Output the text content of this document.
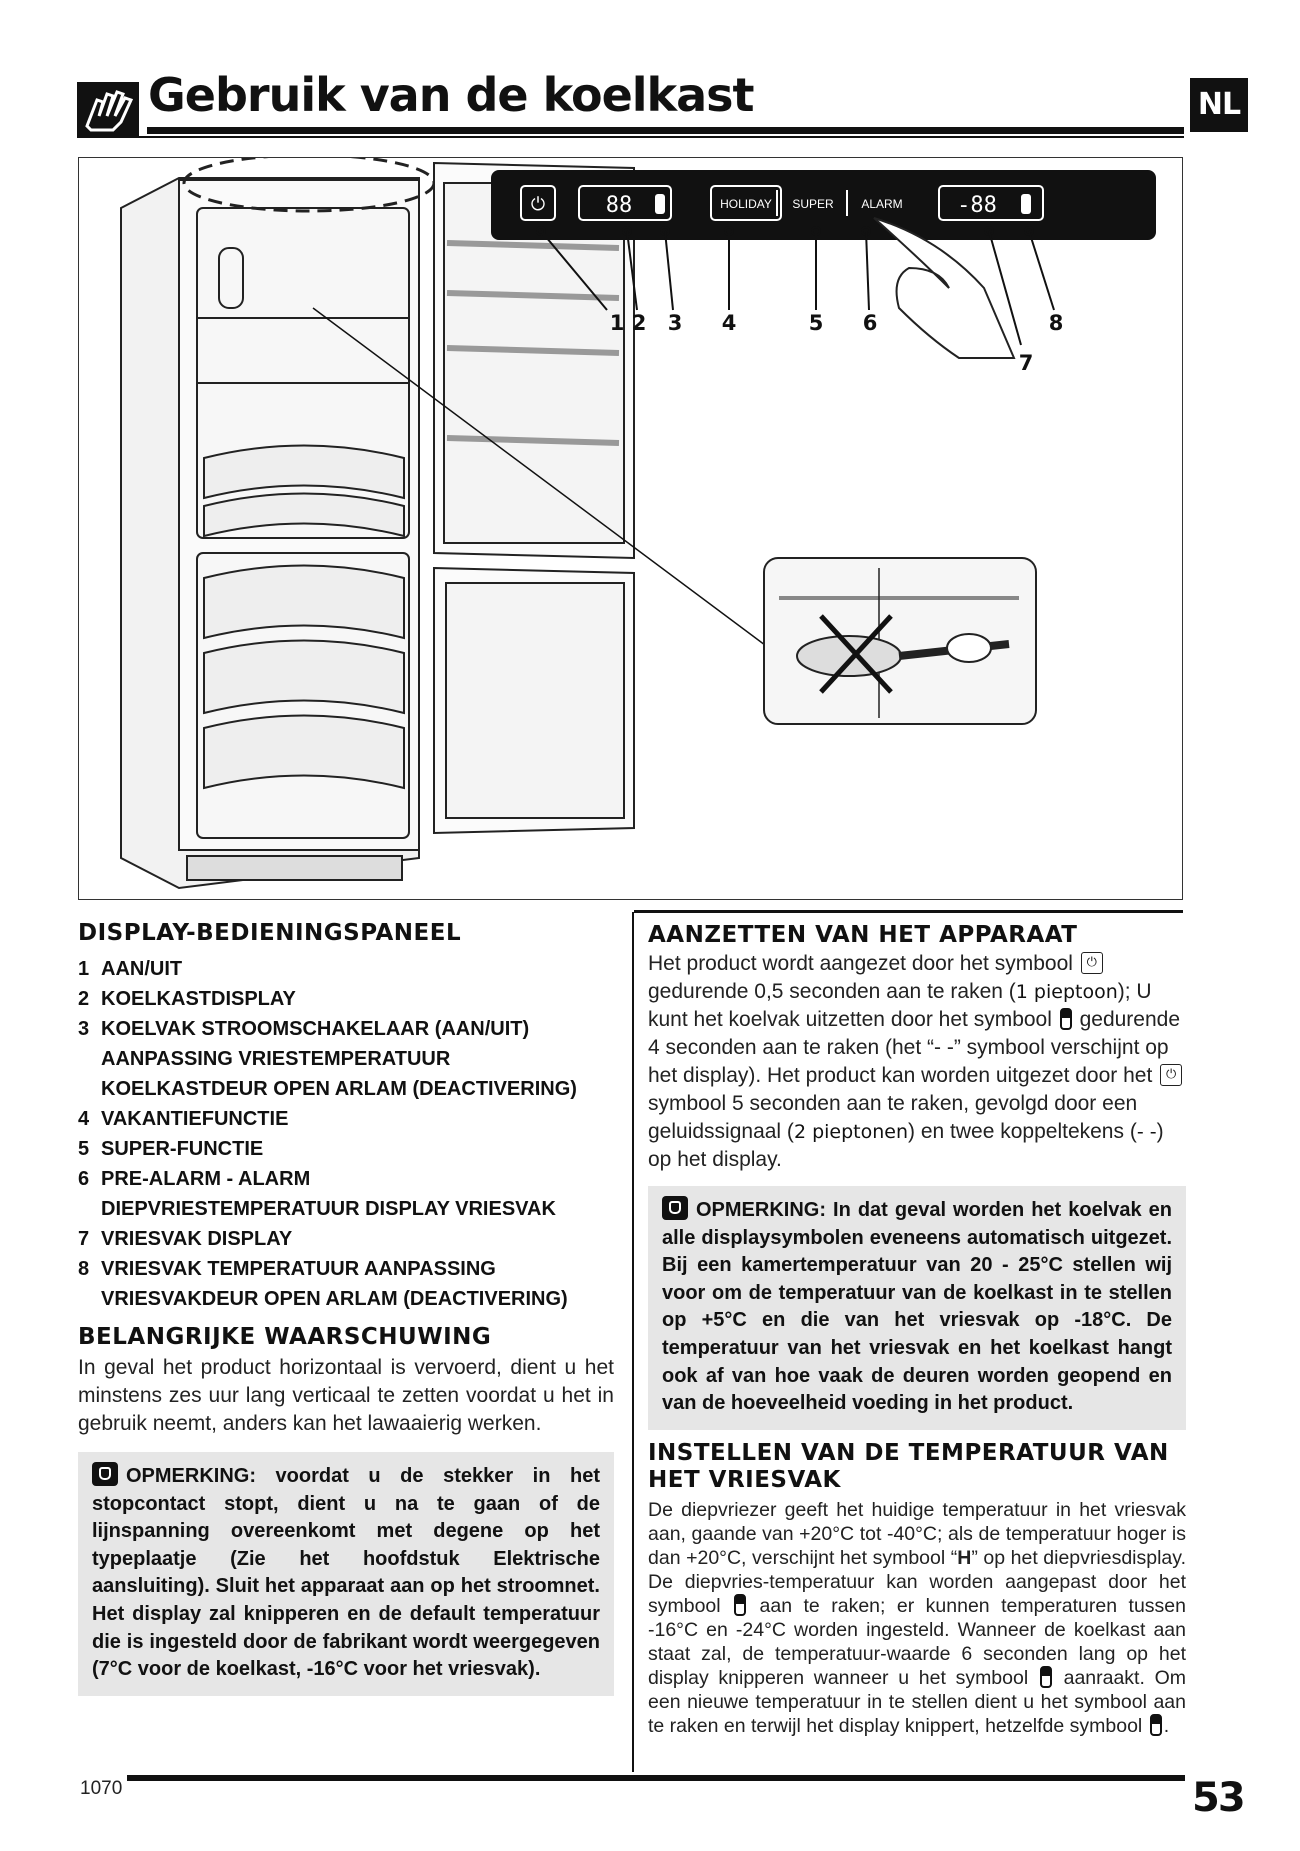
Gebruik van de koelkast	NL
⏻	88	HOLIDAY SUPER ALARM -88
1 2 3 4	5 6
7
8
DISPLAY-BEDIENINGSPANEEL
1 AAN/UIT
2 KOELKASTDISPLAY
3 KOELVAK STROOMSCHAKELAAR (AAN/UIT)
AANPASSING VRIESTEMPERATUUR
KOELKASTDEUR OPEN ARLAM (DEACTIVERING)
4 VAKANTIEFUNCTIE
5 SUPER-FUNCTIE
6 PRE-ALARM - ALARM
DIEPVRIESTEMPERATUUR DISPLAY VRIESVAK
7 VRIESVAK DISPLAY
8 VRIESVAK TEMPERATUUR AANPASSING
VRIESVAKDEUR OPEN ARLAM (DEACTIVERING)
BELANGRIJKE WAARSCHUWING

In geval het product horizontaal is vervoerd, dient u het minstens zes uur lang verticaal te zetten voordat u het in gebruik neemt, anders kan het lawaaierig werken.

OPMERKING: voordat u de stekker in het stopcontact stopt, dient u na te gaan of de lijnspanning overeenkomt met degene op het typeplaatje (Zie het hoofdstuk Elektrische aansluiting). Sluit het apparaat aan op het stroomnet. Het display zal knipperen en de default temperatuur die is ingesteld door de fabrikant wordt weergegeven (7°C voor de koelkast, -16°C voor het vriesvak).
AANZETTEN VAN HET APPARAAT

Het product wordt aangezet door het symbool ⏻ gedurende 0,5 seconden aan te raken (1 pieptoon); U kunt het koelvak uitzetten door het symbool gedurende 4 seconden aan te raken (het “- -” symbool verschijnt op het display). Het product kan worden uitgezet door het ⏻ symbool 5 seconden aan te raken, gevolgd door een geluidssignaal (2 pieptonen) en twee koppeltekens (- -) op het display.

OPMERKING: In dat geval worden het koelvak en alle displaysymbolen eveneens automatisch uitgezet. Bij een kamertemperatuur van 20 - 25°C stellen wij voor om de temperatuur van de koelkast in te stellen op +5°C en die van het vriesvak op -18°C. De temperatuur van het vriesvak en het koelkast hangt ook af van hoe vaak de deuren worden geopend en van de hoeveelheid voeding in het product.
INSTELLEN VAN DE TEMPERATUUR VAN HET VRIESVAK

De diepvriezer geeft het huidige temperatuur in het vriesvak aan, gaande van +20°C tot -40°C; als de temperatuur hoger is dan +20°C, verschijnt het symbool “H” op het diepvriesdisplay. De diepvries-temperatuur kan worden aangepast door het symbool aan te raken; er kunnen temperaturen tussen -16°C en -24°C worden ingesteld. Wanneer de koelkast aan staat zal, de temperatuur-waarde 6 seconden lang op het display knipperen wanneer u het symbool aanraakt. Om een nieuwe temperatuur in te stellen dient u het symbool aan te raken en terwijl het display knippert, hetzelfde symbool .

1070	53
